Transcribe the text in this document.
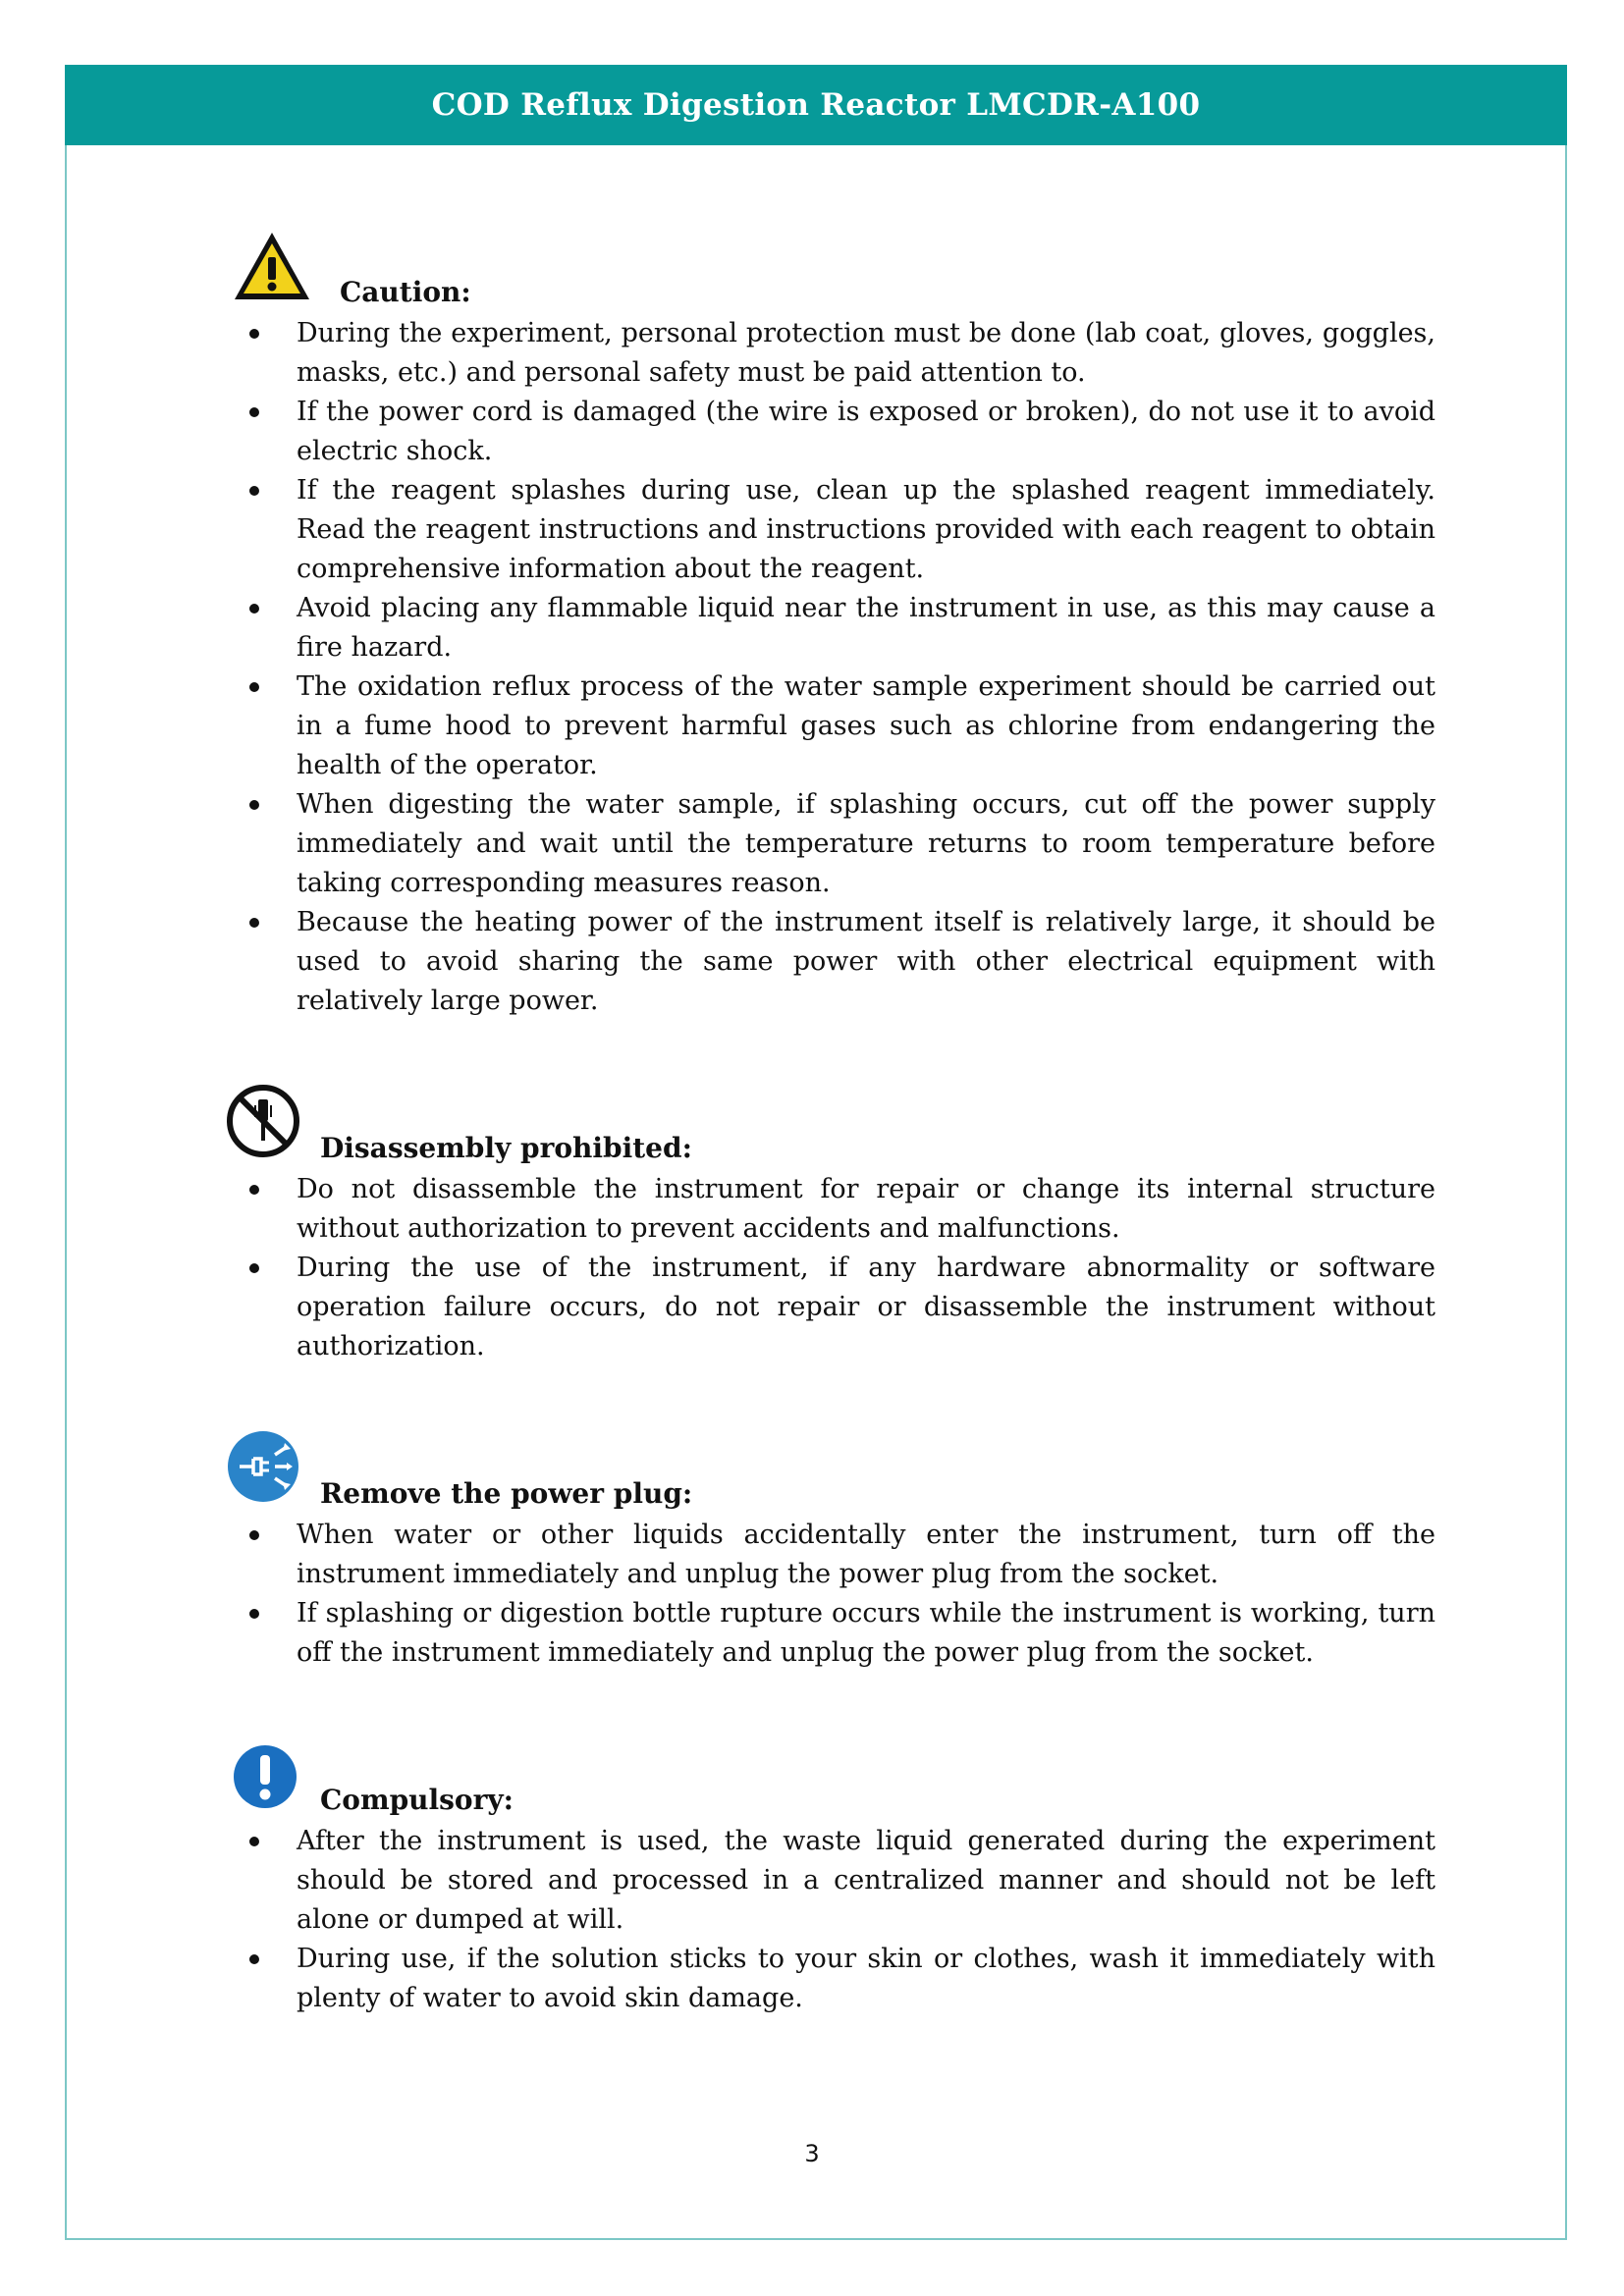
COD Reflux Digestion Reactor LMCDR-A100
Caution:
During the experiment, personal protection must be done (lab coat, gloves, goggles, masks, etc.) and personal safety must be paid attention to.
If the power cord is damaged (the wire is exposed or broken), do not use it to avoid electric shock.
If the reagent splashes during use, clean up the splashed reagent immediately. Read the reagent instructions and instructions provided with each reagent to obtain comprehensive information about the reagent.
Avoid placing any flammable liquid near the instrument in use, as this may cause a fire hazard.
The oxidation reflux process of the water sample experiment should be carried out in a fume hood to prevent harmful gases such as chlorine from endangering the health of the operator.
When digesting the water sample, if splashing occurs, cut off the power supply immediately and wait until the temperature returns to room temperature before taking corresponding measures reason.
Because the heating power of the instrument itself is relatively large, it should be used to avoid sharing the same power with other electrical equipment with relatively large power.
Disassembly prohibited:
Do not disassemble the instrument for repair or change its internal structure without authorization to prevent accidents and malfunctions.
During the use of the instrument, if any hardware abnormality or software operation failure occurs, do not repair or disassemble the instrument without authorization.
Remove the power plug:
When water or other liquids accidentally enter the instrument, turn off the instrument immediately and unplug the power plug from the socket.
If splashing or digestion bottle rupture occurs while the instrument is working, turn off the instrument immediately and unplug the power plug from the socket.
Compulsory:
After the instrument is used, the waste liquid generated during the experiment should be stored and processed in a centralized manner and should not be left alone or dumped at will.
During use, if the solution sticks to your skin or clothes, wash it immediately with plenty of water to avoid skin damage.
3
